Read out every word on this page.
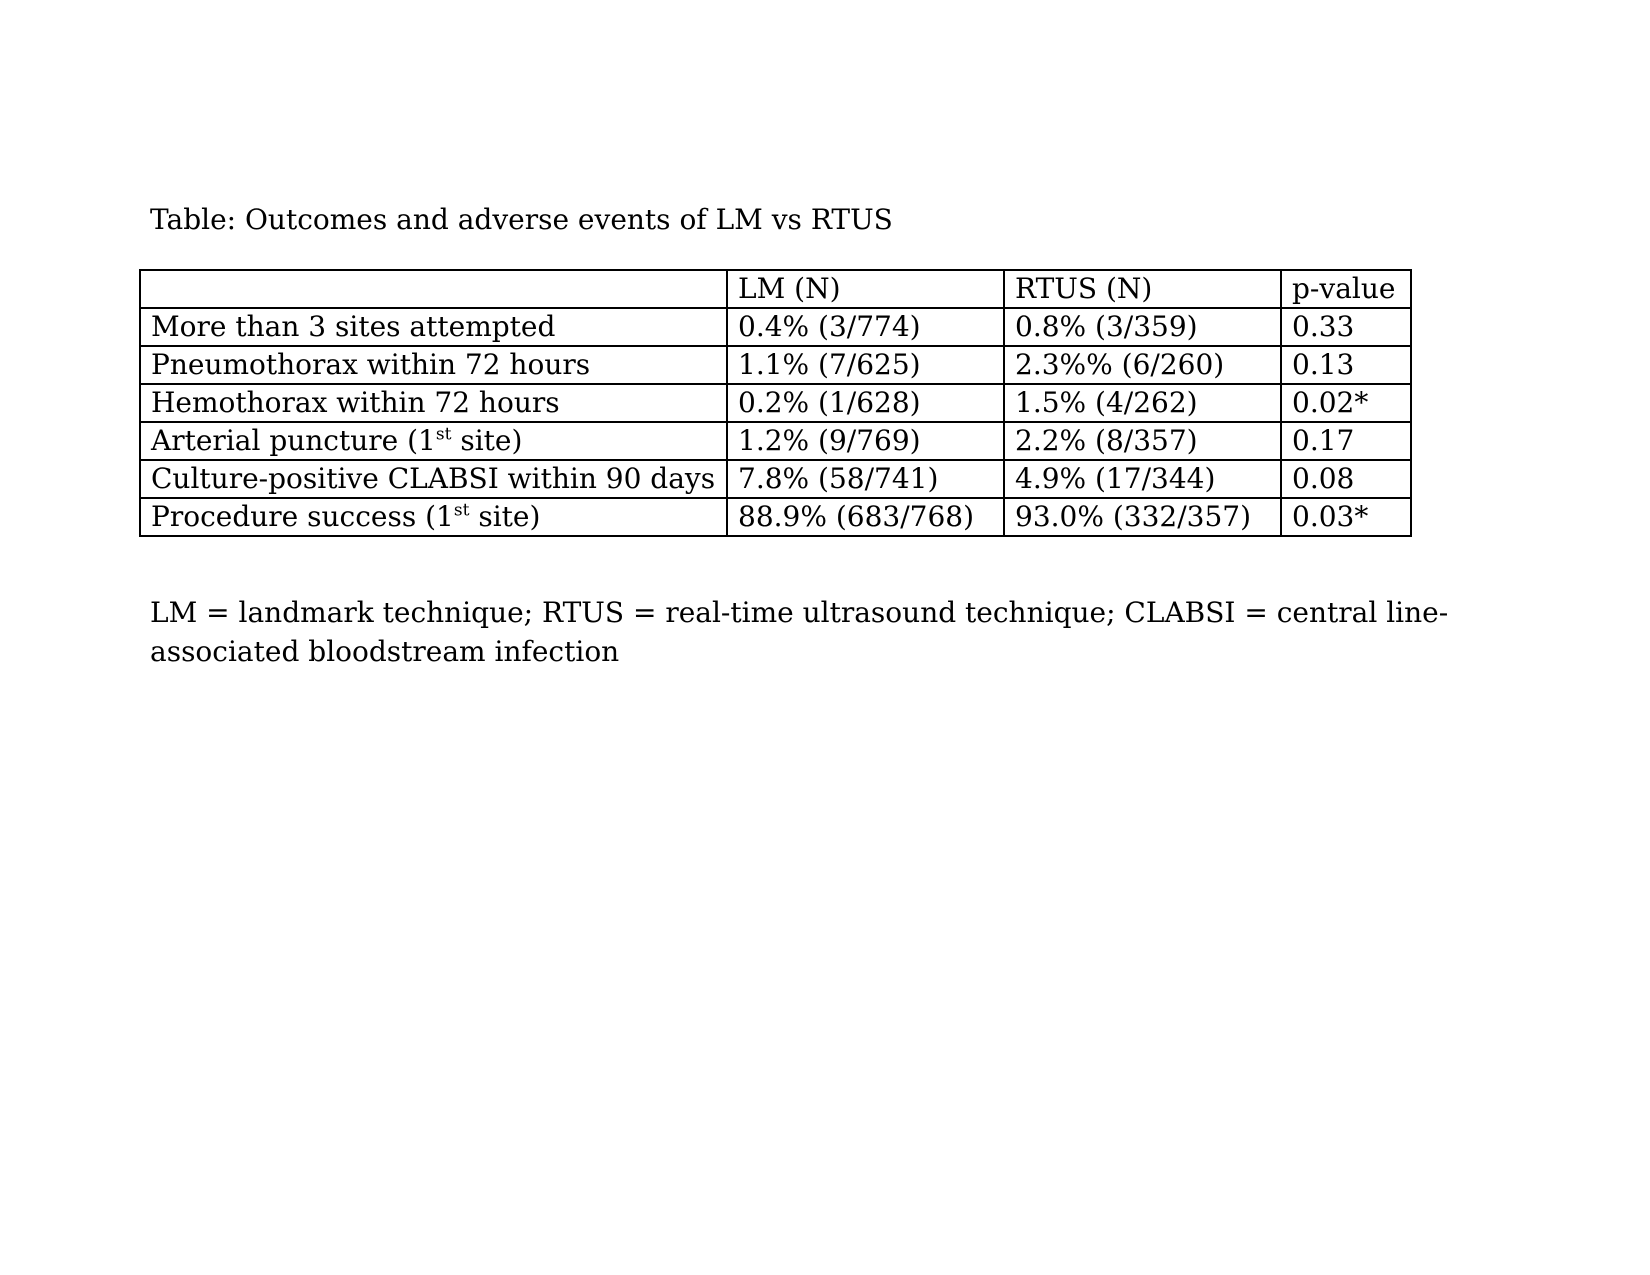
Table: Outcomes and adverse events of LM vs RTUS
	LM (N)	RTUS (N)	p-value
More than 3 sites attempted	0.4% (3/774)	0.8% (3/359)	0.33
Pneumothorax within 72 hours	1.1% (7/625)	2.3%% (6/260)	0.13
Hemothorax within 72 hours	0.2% (1/628)	1.5% (4/262)	0.02*
Arterial puncture (1st site)	1.2% (9/769)	2.2% (8/357)	0.17
Culture-positive CLABSI within 90 days	7.8% (58/741)	4.9% (17/344)	0.08
Procedure success (1st site)	88.9% (683/768)	93.0% (332/357)	0.03*
LM = landmark technique; RTUS = real-time ultrasound technique; CLABSI = central line-
associated bloodstream infection
